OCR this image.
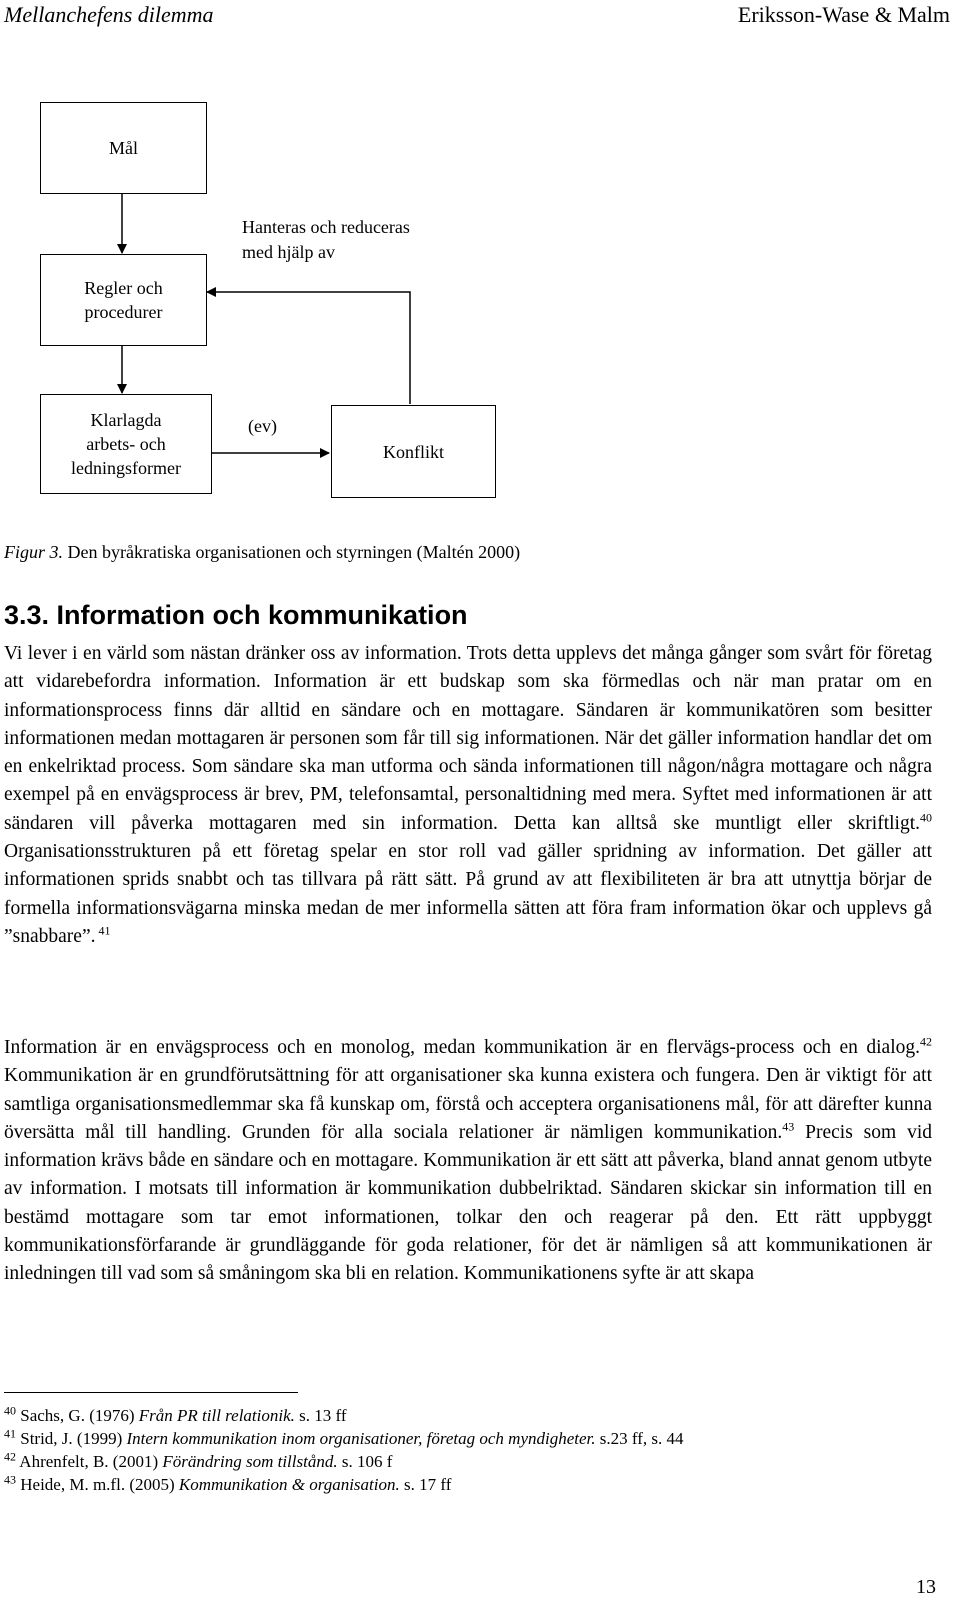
Mellanchefens dilemma	Eriksson-Wase & Malm
Mål
Regler och
procedurer
Klarlagda
arbets- och
ledningsformer
Konflikt
Hanteras och reduceras
med hjälp av
(ev)
Figur 3. Den byråkratiska organisationen och styrningen (Maltén 2000)
3.3. Information och kommunikation

Vi lever i en värld som nästan dränker oss av information. Trots detta upplevs det många gånger som svårt för företag att vidarebefordra information. Information är ett budskap som ska förmedlas och när man pratar om en informationsprocess finns där alltid en sändare och en mottagare. Sändaren är kommunikatören som besitter informationen medan mottagaren är personen som får till sig informationen. När det gäller information handlar det om en enkelriktad process. Som sändare ska man utforma och sända informationen till någon/några mottagare och några exempel på en envägsprocess är brev, PM, telefonsamtal, personaltidning med mera. Syftet med informationen är att sändaren vill påverka mottagaren med sin information. Detta kan alltså ske muntligt eller skriftligt.$^{40}$ Organisationsstrukturen på ett företag spelar en stor roll vad gäller spridning av information. Det gäller att informationen sprids snabbt och tas tillvara på rätt sätt. På grund av att flexibiliteten är bra att utnyttja börjar de formella informationsvägarna minska medan de mer informella sätten att föra fram information ökar och upplevs gå ”snabbare”. $^{41}$

Information är en envägsprocess och en monolog, medan kommunikation är en flervägs-process och en dialog.$^{42}$ Kommunikation är en grundförutsättning för att organisationer ska kunna existera och fungera. Den är viktigt för att samtliga organisationsmedlemmar ska få kunskap om, förstå och acceptera organisationens mål, för att därefter kunna översätta mål till handling. Grunden för alla sociala relationer är nämligen kommunikation.$^{43}$ Precis som vid information krävs både en sändare och en mottagare. Kommunikation är ett sätt att påverka, bland annat genom utbyte av information. I motsats till information är kommunikation dubbelriktad. Sändaren skickar sin information till en bestämd mottagare som tar emot informationen, tolkar den och reagerar på den. Ett rätt uppbyggt kommunikationsförfarande är grundläggande för goda relationer, för det är nämligen så att kommunikationen är inledningen till vad som så småningom ska bli en relation. Kommunikationens syfte är att skapa

$^{40}$ Sachs, G. (1976) Från PR till relationik. s. 13 ff
$^{41}$ Strid, J. (1999) Intern kommunikation inom organisationer, företag och myndigheter. s.23 ff, s. 44
$^{42}$ Ahrenfelt, B. (2001) Förändring som tillstånd. s. 106 f
$^{43}$ Heide, M. m.fl. (2005) Kommunikation & organisation. s. 17 ff
13
